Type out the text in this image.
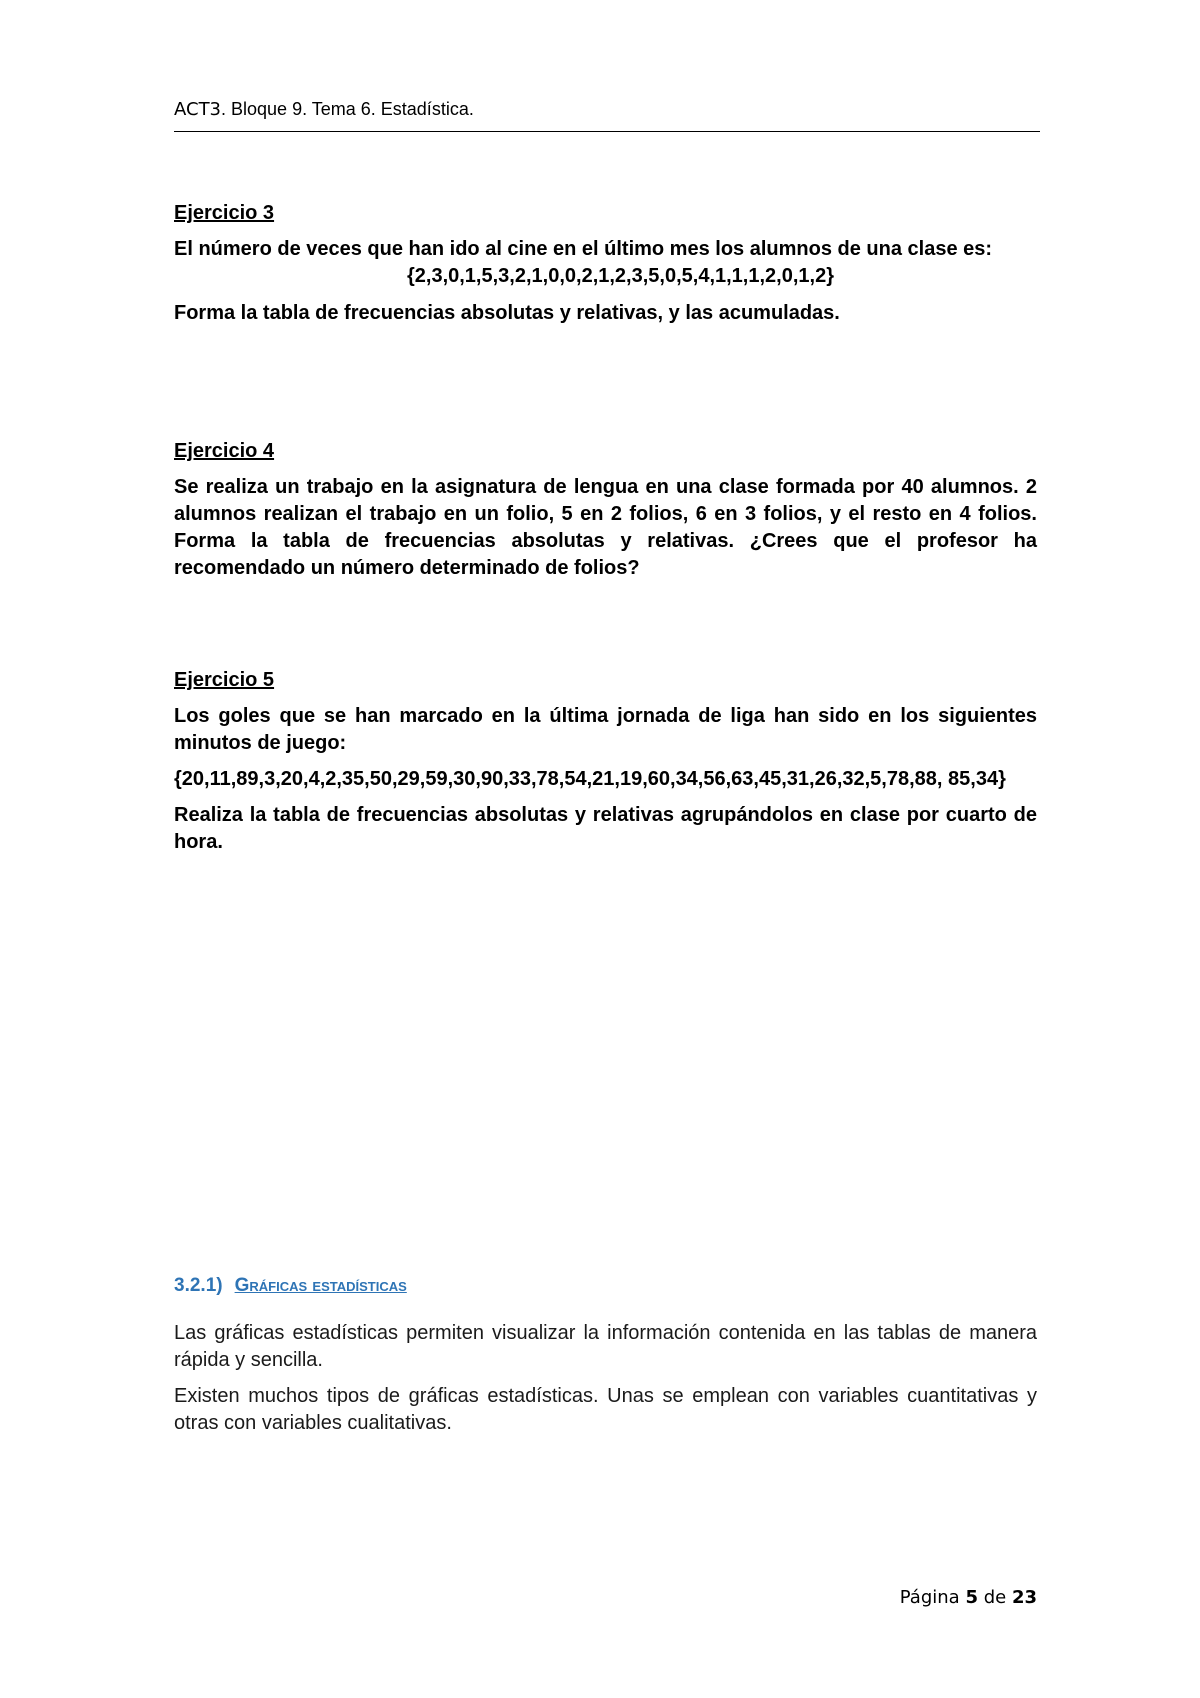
ACT3. Bloque 9. Tema 6. Estadística.
Ejercicio 3
El número de veces que han ido al cine en el último mes los alumnos de una clase es:

{2,3,0,1,5,3,2,1,0,0,2,1,2,3,5,0,5,4,1,1,1,2,0,1,2}

Forma la tabla de frecuencias absolutas y relativas, y las acumuladas.

Ejercicio 4
Se realiza un trabajo en la asignatura de lengua en una clase formada por 40 alumnos. 2 alumnos realizan el trabajo en un folio, 5 en 2 folios, 6 en 3 folios, y el resto en 4 folios. Forma la tabla de frecuencias absolutas y relativas. ¿Crees que el profesor ha recomendado un número determinado de folios?
Ejercicio 5

Los goles que se han marcado en la última jornada de liga han sido en los siguientes minutos de juego:

{20,11,89,3,20,4,2,35,50,29,59,30,90,33,78,54,21,19,60,34,56,63,45,31,26,32,5,78,88, 85,34}

Realiza la tabla de frecuencias absolutas y relativas agrupándolos en clase por cuarto de hora.

3.2.1) Gráficas estadísticas

Las gráficas estadísticas permiten visualizar la información contenida en las tablas de manera rápida y sencilla.

Existen muchos tipos de gráficas estadísticas. Unas se emplean con variables cuantitativas y otras con variables cualitativas.

Página 5 de 23
